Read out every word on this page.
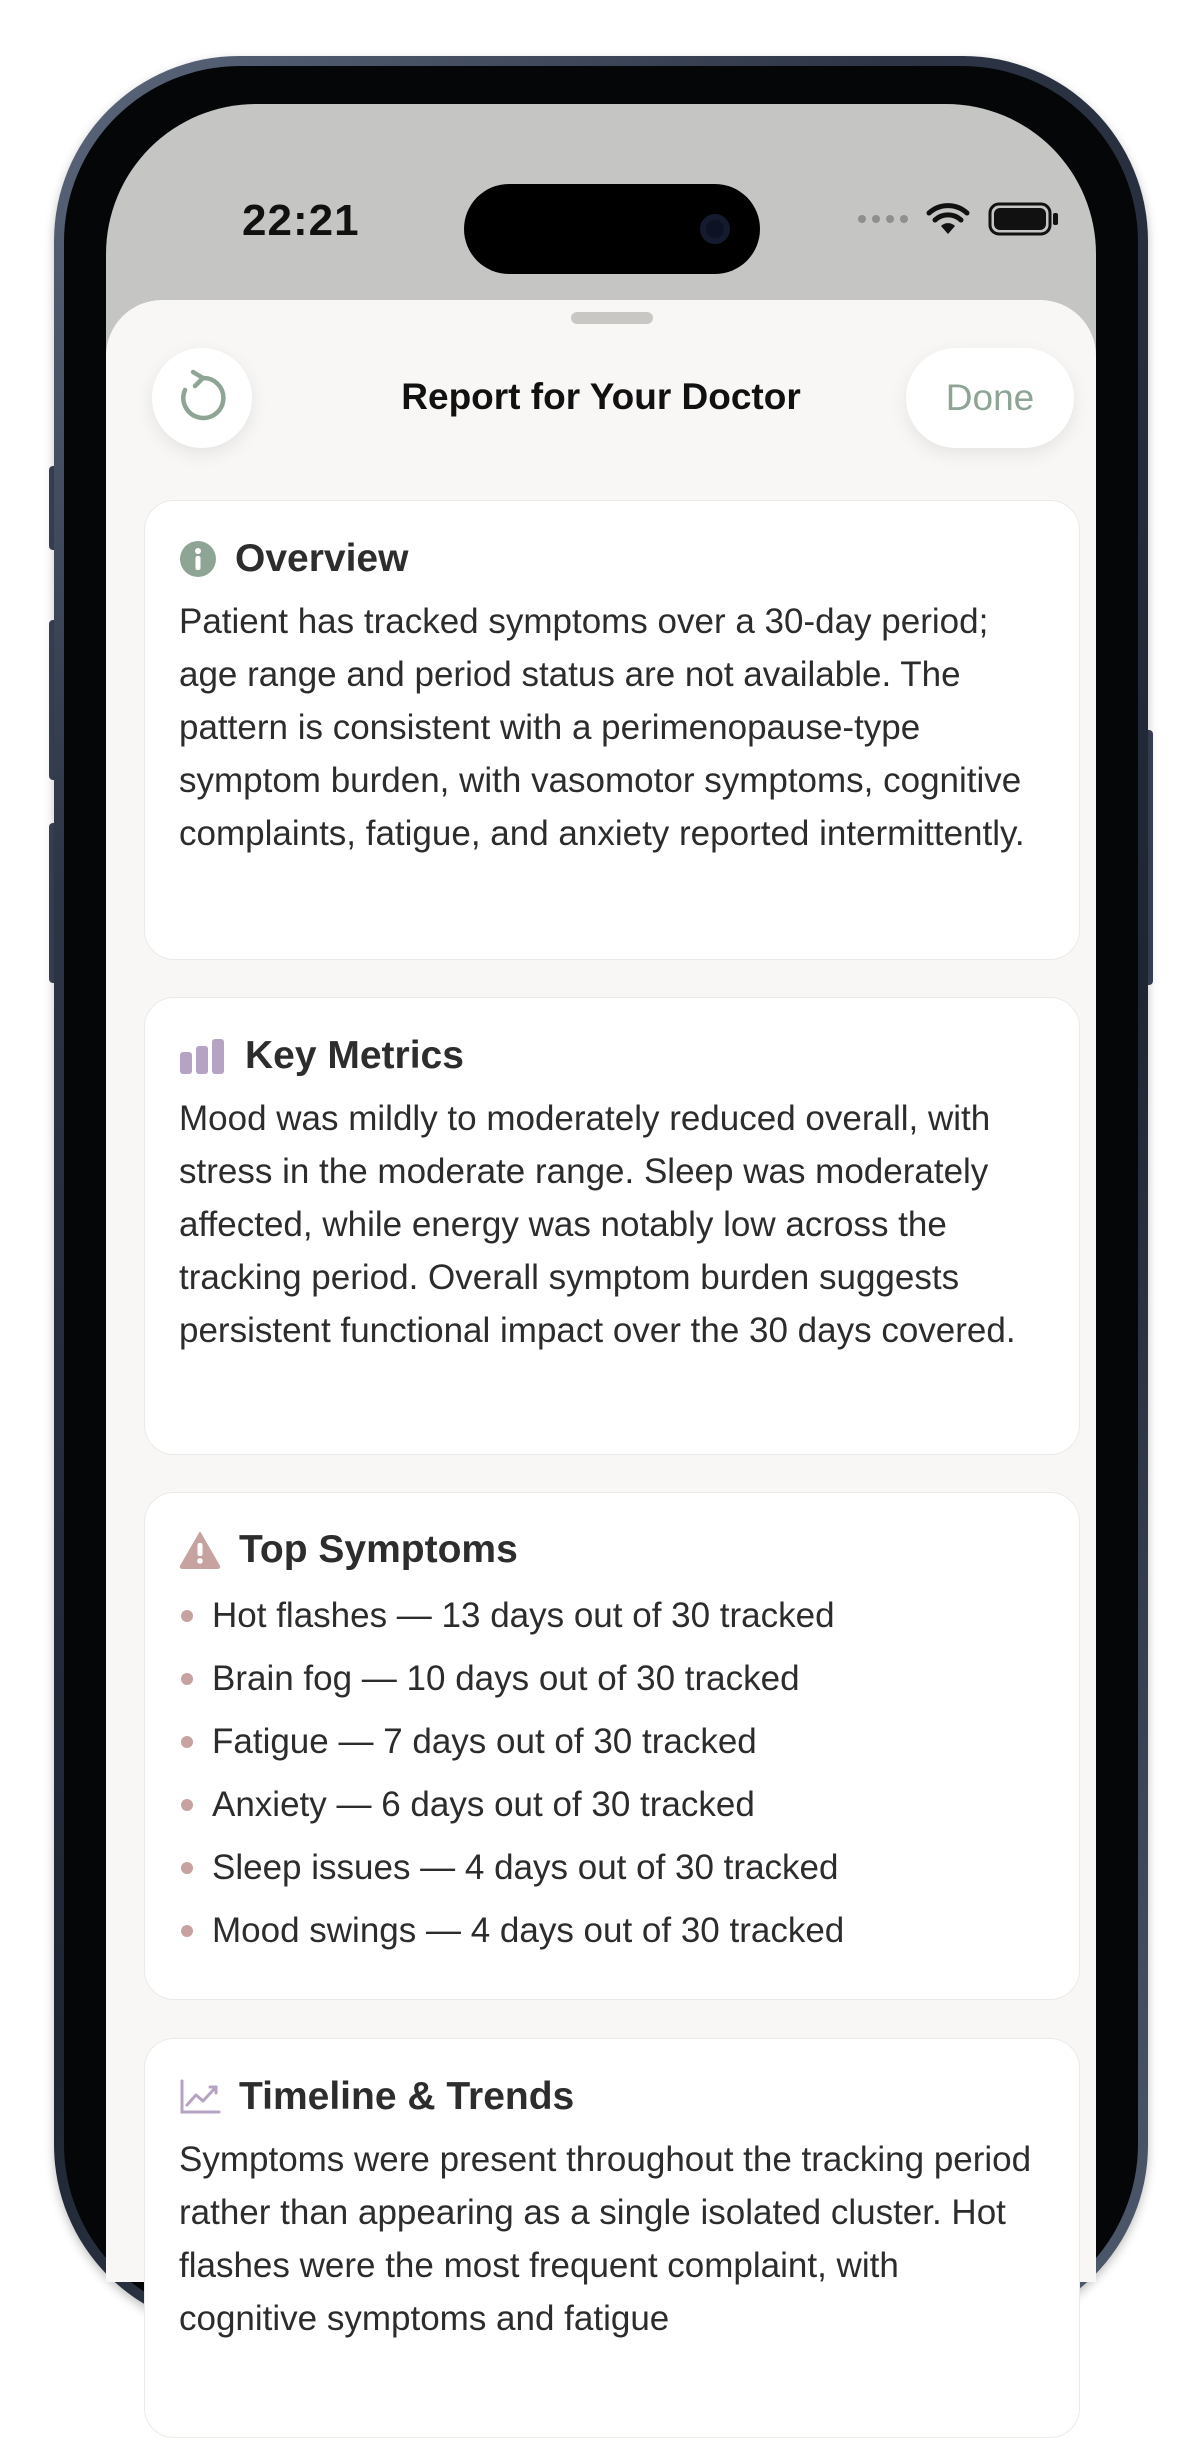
22:21
Report for Your Doctor	Done
Overview
Patient has tracked symptoms over a 30-day period; age range and period status are not available. The pattern is consistent with a perimenopause-type symptom burden, with vasomotor symptoms, cognitive complaints, fatigue, and anxiety reported intermittently.
Key Metrics
Mood was mildly to moderately reduced overall, with stress in the moderate range. Sleep was moderately affected, while energy was notably low across the tracking period. Overall symptom burden suggests persistent functional impact over the 30 days covered.
Top Symptoms
Hot flashes — 13 days out of 30 tracked
Brain fog — 10 days out of 30 tracked
Fatigue — 7 days out of 30 tracked
Anxiety — 6 days out of 30 tracked
Sleep issues — 4 days out of 30 tracked
Mood swings — 4 days out of 30 tracked
Timeline & Trends
Symptoms were present throughout the tracking period rather than appearing as a single isolated cluster. Hot flashes were the most frequent complaint, with cognitive symptoms and fatigue
